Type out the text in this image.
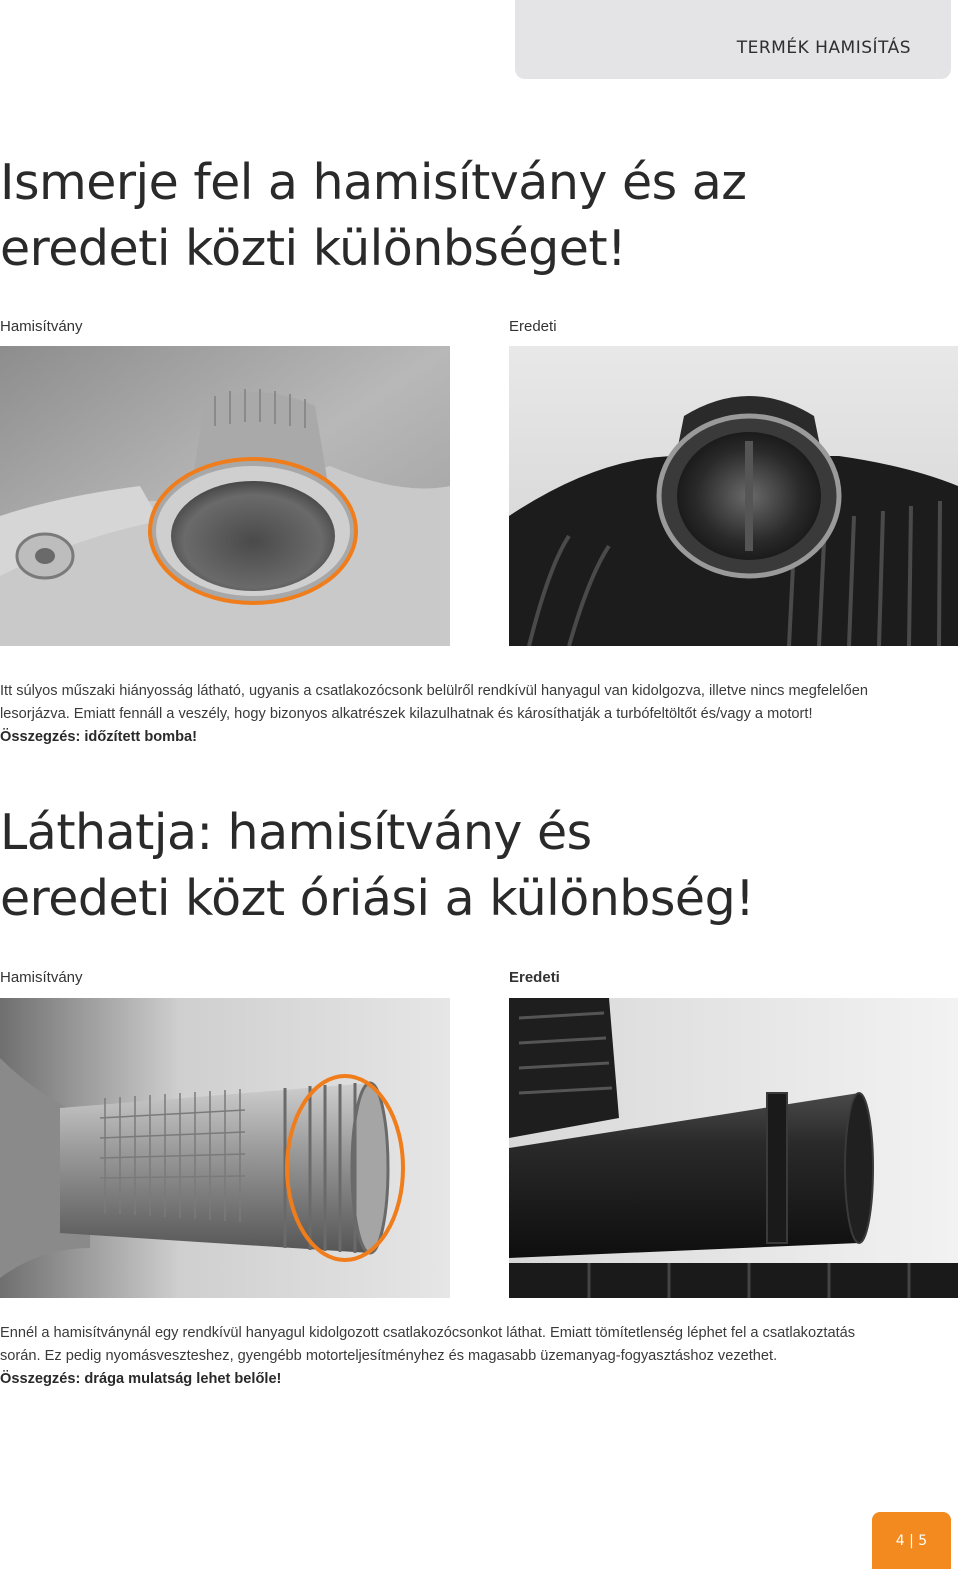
TERMÉK HAMISÍTÁS
Ismerje fel a hamisítvány és az
eredeti közti különbséget!
Hamisítvány	Eredeti
Itt súlyos műszaki hiányosság látható, ugyanis a csatlakozócsonk belülről rendkívül hanyagul van kidolgozva, illetve nincs megfelelően
lesorjázva. Emiatt fennáll a veszély, hogy bizonyos alkatrészek kilazulhatnak és károsíthatják a turbófeltöltőt és/vagy a motort!
Összegzés: időzített bomba!
Láthatja: hamisítvány és
eredeti közt óriási a különbség!
Hamisítvány	Eredeti
Ennél a hamisítványnál egy rendkívül hanyagul kidolgozott csatlakozócsonkot láthat. Emiatt tömítetlenség léphet fel a csatlakoztatás
során. Ez pedig nyomásveszteshez, gyengébb motorteljesítményhez és magasabb üzemanyag-fogyasztáshoz vezethet.
Összegzés: drága mulatság lehet belőle!
4 | 5
